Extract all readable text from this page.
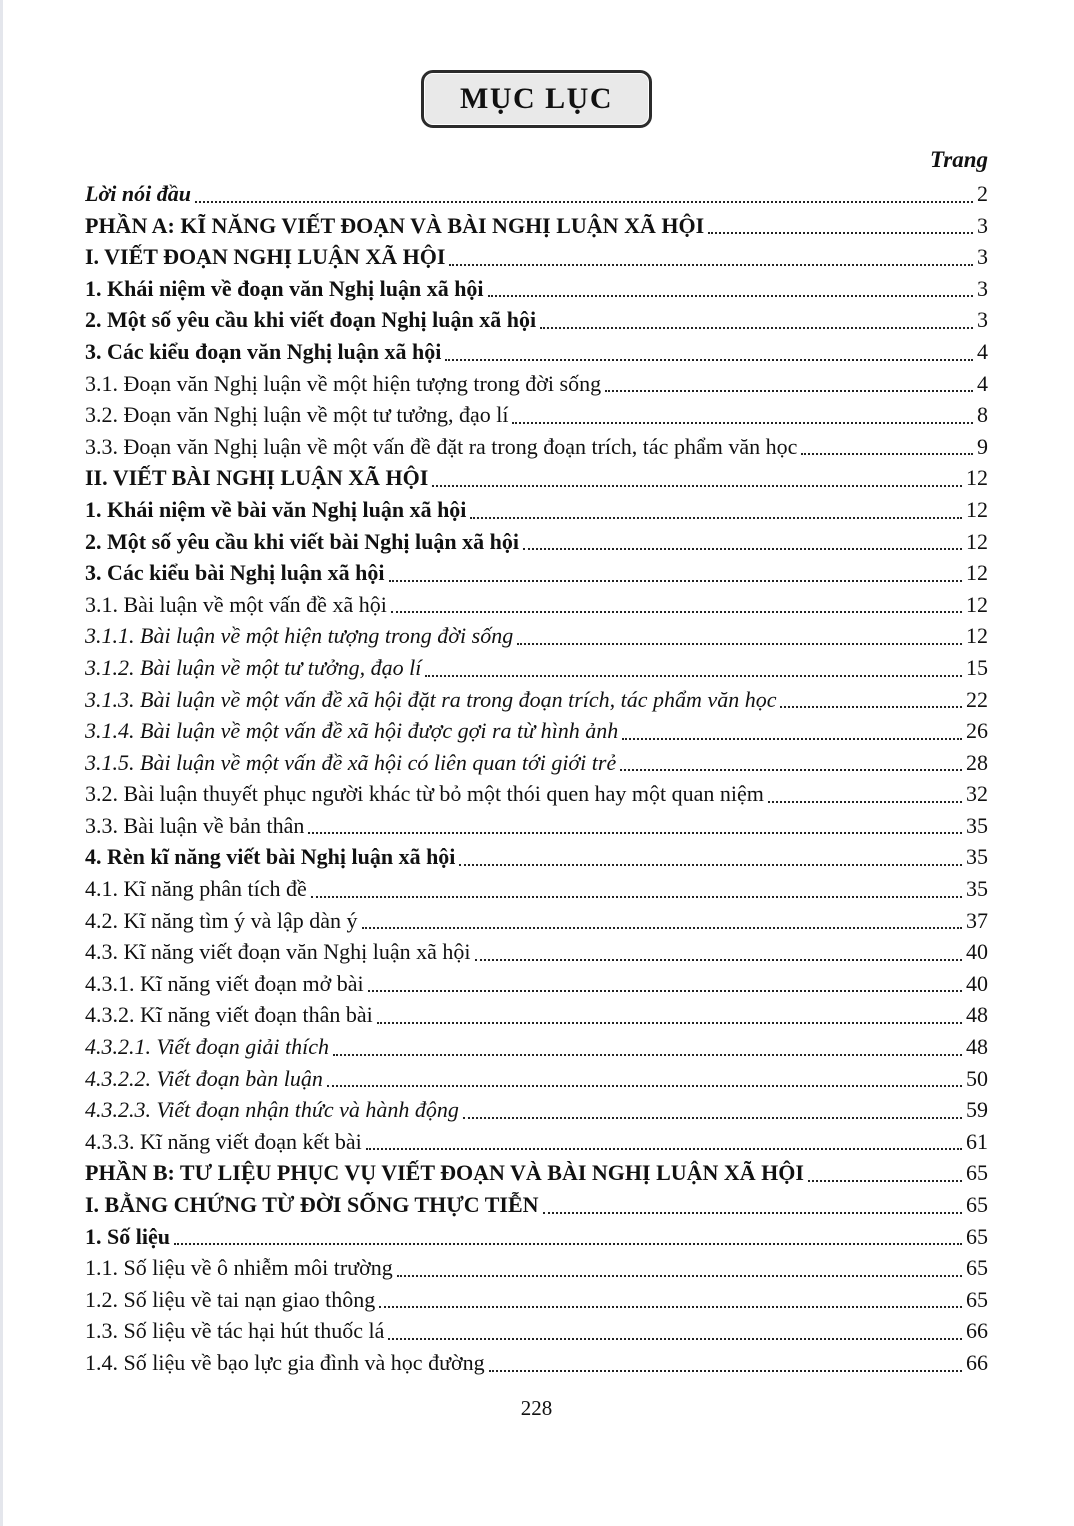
MỤC LỤC
Trang
Lời nói đầu	2
PHẦN A: KĨ NĂNG VIẾT ĐOẠN VÀ BÀI NGHỊ LUẬN XÃ HỘI	3
I. VIẾT ĐOẠN NGHỊ LUẬN XÃ HỘI	3
1. Khái niệm về đoạn văn Nghị luận xã hội	3
2. Một số yêu cầu khi viết đoạn Nghị luận xã hội	3
3. Các kiểu đoạn văn Nghị luận xã hội	4
3.1. Đoạn văn Nghị luận về một hiện tượng trong đời sống	4
3.2. Đoạn văn Nghị luận về một tư tưởng, đạo lí	8
3.3. Đoạn văn Nghị luận về một vấn đề đặt ra trong đoạn trích, tác phẩm văn học	9
II. VIẾT BÀI NGHỊ LUẬN XÃ HỘI	12
1. Khái niệm về bài văn Nghị luận xã hội	12
2. Một số yêu cầu khi viết bài Nghị luận xã hội	12
3. Các kiểu bài Nghị luận xã hội	12
3.1. Bài luận về một vấn đề xã hội	12
3.1.1. Bài luận về một hiện tượng trong đời sống	12
3.1.2. Bài luận về một tư tưởng, đạo lí	15
3.1.3. Bài luận về một vấn đề xã hội đặt ra trong đoạn trích, tác phẩm văn học	22
3.1.4. Bài luận về một vấn đề xã hội được gợi ra từ hình ảnh	26
3.1.5. Bài luận về một vấn đề xã hội có liên quan tới giới trẻ	28
3.2. Bài luận thuyết phục người khác từ bỏ một thói quen hay một quan niệm	32
3.3. Bài luận về bản thân	35
4. Rèn kĩ năng viết bài Nghị luận xã hội	35
4.1. Kĩ năng phân tích đề	35
4.2. Kĩ năng tìm ý và lập dàn ý	37
4.3. Kĩ năng viết đoạn văn Nghị luận xã hội	40
4.3.1. Kĩ năng viết đoạn mở bài	40
4.3.2. Kĩ năng viết đoạn thân bài	48
4.3.2.1. Viết đoạn giải thích	48
4.3.2.2. Viết đoạn bàn luận	50
4.3.2.3. Viết đoạn nhận thức và hành động	59
4.3.3. Kĩ năng viết đoạn kết bài	61
PHẦN B: TƯ LIỆU PHỤC VỤ VIẾT ĐOẠN VÀ BÀI NGHỊ LUẬN XÃ HỘI	65
I. BẰNG CHỨNG TỪ ĐỜI SỐNG THỰC TIỄN	65
1. Số liệu	65
1.1. Số liệu về ô nhiễm môi trường	65
1.2. Số liệu về tai nạn giao thông	65
1.3. Số liệu về tác hại hút thuốc lá	66
1.4. Số liệu về bạo lực gia đình và học đường	66
228
